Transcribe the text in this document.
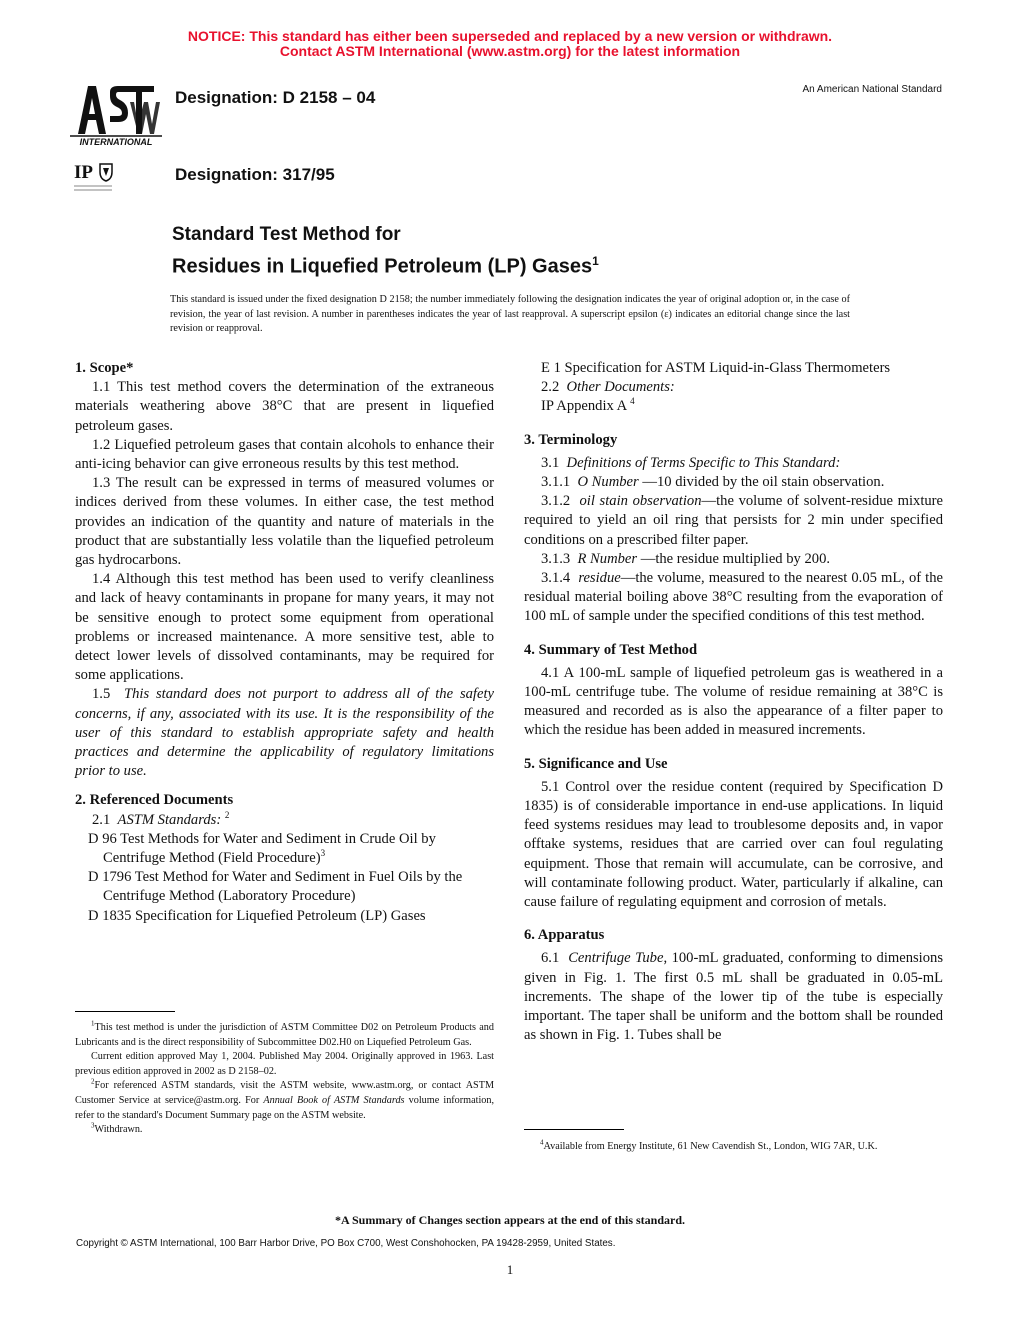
NOTICE: This standard has either been superseded and replaced by a new version or withdrawn.
Contact ASTM International (www.astm.org) for the latest information
INTERNATIONAL
IP
Designation: D 2158 – 04	An American National Standard
Designation: 317/95
Standard Test Method for
Residues in Liquefied Petroleum (LP) Gases$^1$
This standard is issued under the fixed designation D 2158; the number immediately following the designation indicates the year of original adoption or, in the case of revision, the year of last revision. A number in parentheses indicates the year of last reapproval. A superscript epsilon (ε) indicates an editorial change since the last revision or reapproval.
1. Scope*

1.1 This test method covers the determination of the extraneous materials weathering above 38°C that are present in liquefied petroleum gases.

1.2 Liquefied petroleum gases that contain alcohols to enhance their anti-icing behavior can give erroneous results by this test method.

1.3 The result can be expressed in terms of measured volumes or indices derived from these volumes. In either case, the test method provides an indication of the quantity and nature of materials in the product that are substantially less volatile than the liquefied petroleum gas hydrocarbons.

1.4 Although this test method has been used to verify cleanliness and lack of heavy contaminants in propane for many years, it may not be sensitive enough to protect some equipment from operational problems or increased maintenance. A more sensitive test, able to detect lower levels of dissolved contaminants, may be required for some applications.

1.5 This standard does not purport to address all of the safety concerns, if any, associated with its use. It is the responsibility of the user of this standard to establish appropriate safety and health practices and determine the applicability of regulatory limitations prior to use.

2. Referenced Documents

2.1 ASTM Standards: $^2$

D 96 Test Methods for Water and Sediment in Crude Oil by Centrifuge Method (Field Procedure)$^3$

D 1796 Test Method for Water and Sediment in Fuel Oils by the Centrifuge Method (Laboratory Procedure)

D 1835 Specification for Liquefied Petroleum (LP) Gases

$^1$This test method is under the jurisdiction of ASTM Committee D02 on Petroleum Products and Lubricants and is the direct responsibility of Subcommittee D02.H0 on Liquefied Petroleum Gas.

Current edition approved May 1, 2004. Published May 2004. Originally approved in 1963. Last previous edition approved in 2002 as D 2158–02.

$^2$For referenced ASTM standards, visit the ASTM website, www.astm.org, or contact ASTM Customer Service at service@astm.org. For Annual Book of ASTM Standards volume information, refer to the standard's Document Summary page on the ASTM website.

$^3$Withdrawn.

E 1 Specification for ASTM Liquid-in-Glass Thermometers

2.2 Other Documents:

IP Appendix A $^4$

3. Terminology

3.1 Definitions of Terms Specific to This Standard:

3.1.1 O Number —10 divided by the oil stain observation.

3.1.2 oil stain observation—the volume of solvent-residue mixture required to yield an oil ring that persists for 2 min under specified conditions on a prescribed filter paper.

3.1.3 R Number —the residue multiplied by 200.

3.1.4 residue—the volume, measured to the nearest 0.05 mL, of the residual material boiling above 38°C resulting from the evaporation of 100 mL of sample under the specified conditions of this test method.

4. Summary of Test Method

4.1 A 100-mL sample of liquefied petroleum gas is weathered in a 100-mL centrifuge tube. The volume of residue remaining at 38°C is measured and recorded as is also the appearance of a filter paper to which the residue has been added in measured increments.

5. Significance and Use

5.1 Control over the residue content (required by Specification D 1835) is of considerable importance in end-use applications. In liquid feed systems residues may lead to troublesome deposits and, in vapor offtake systems, residues that are carried over can foul regulating equipment. Those that remain will accumulate, can be corrosive, and will contaminate following product. Water, particularly if alkaline, can cause failure of regulating equipment and corrosion of metals.

6. Apparatus

6.1 Centrifuge Tube, 100-mL graduated, conforming to dimensions given in Fig. 1. The first 0.5 mL shall be graduated in 0.05-mL increments. The shape of the lower tip of the tube is especially important. The taper shall be uniform and the bottom shall be rounded as shown in Fig. 1. Tubes shall be

$^4$Available from Energy Institute, 61 New Cavendish St., London, WIG 7AR, U.K.

*A Summary of Changes section appears at the end of this standard.
Copyright © ASTM International, 100 Barr Harbor Drive, PO Box C700, West Conshohocken, PA 19428-2959, United States.
1
